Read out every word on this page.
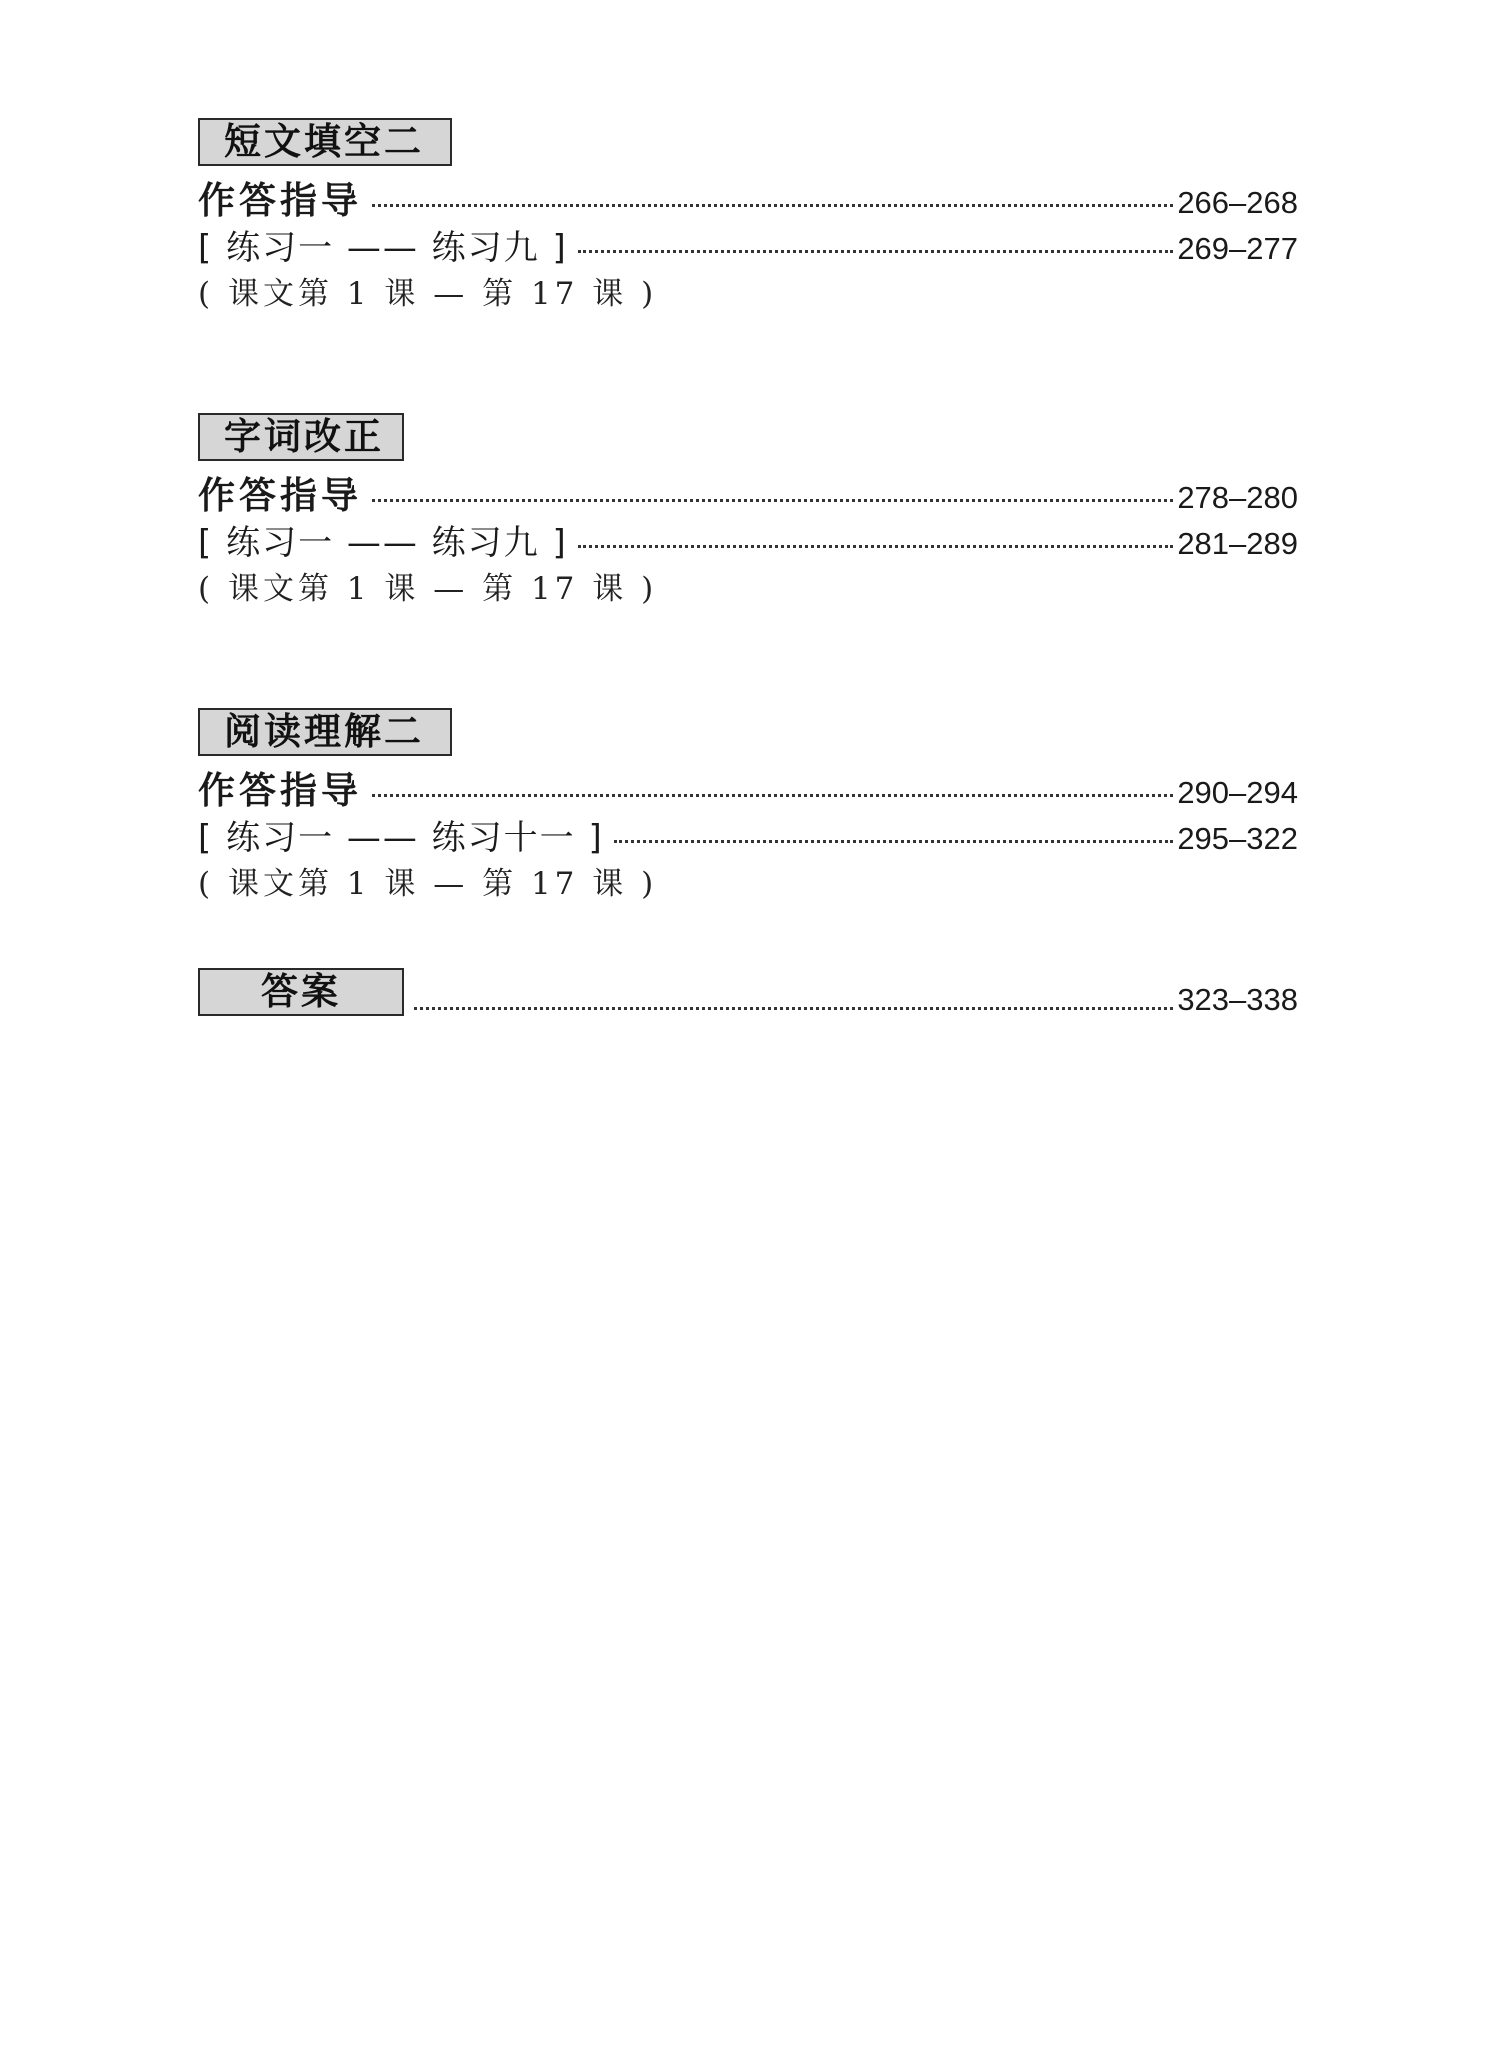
短文填空二
作答指导	266–268
[ 练习一 —— 练习九 ]	269–277
( 课文第 1 课 — 第 17 课 )
字词改正
作答指导	278–280
[ 练习一 —— 练习九 ]	281–289
( 课文第 1 课 — 第 17 课 )
阅读理解二
作答指导	290–294
[ 练习一 —— 练习十一 ]	295–322
( 课文第 1 课 — 第 17 课 )
答案	323–338
